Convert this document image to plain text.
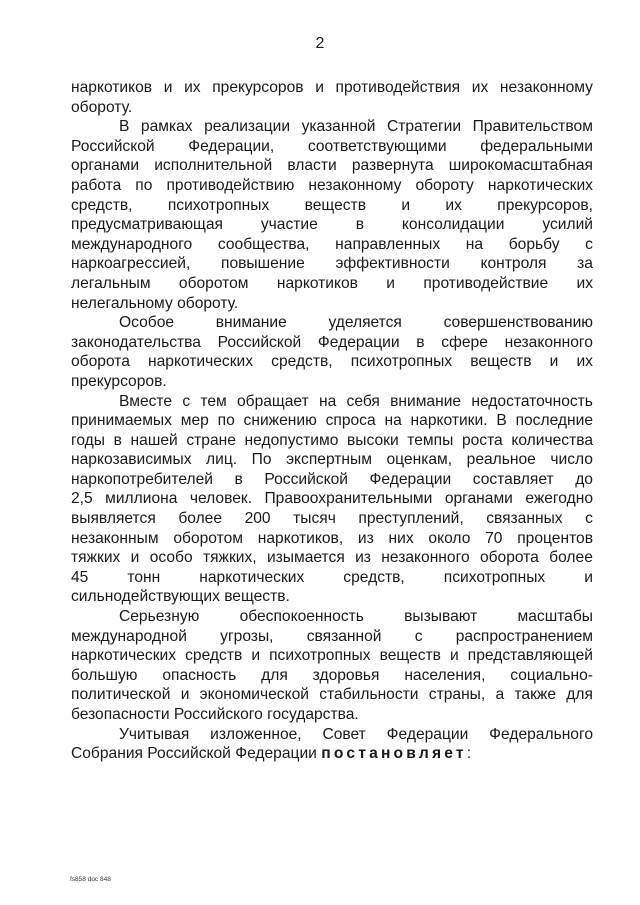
2
наркотиков и их прекурсоров и противодействия их незаконному
обороту.
В рамках реализации указанной Стратегии Правительством
Российской Федерации, соответствующими федеральными
органами исполнительной власти развернута широкомасштабная
работа по противодействию незаконному обороту наркотических
средств, психотропных веществ и их прекурсоров,
предусматривающая участие в консолидации усилий
международного сообщества, направленных на борьбу с
наркоагрессией, повышение эффективности контроля за
легальным оборотом наркотиков и противодействие их
нелегальному обороту.
Особое	внимание	уделяется	совершенствованию
законодательства Российской Федерации в сфере незаконного
оборота наркотических средств, психотропных веществ и их
прекурсоров.
Вместе с тем обращает на себя внимание недостаточность
принимаемых мер по снижению спроса на наркотики. В последние
годы в нашей стране недопустимо высоки темпы роста количества
наркозависимых лиц. По экспертным оценкам, реальное число
наркопотребителей в Российской Федерации составляет до
2,5 миллиона человек. Правоохранительными органами ежегодно
выявляется более 200 тысяч преступлений, связанных с
незаконным оборотом наркотиков, из них около 70 процентов
тяжких и особо тяжких, изымается из незаконного оборота более
45	тонн	наркотических	средств,	психотропных	и
сильнодействующих веществ.
Серьезную	обеспокоенность	вызывают	масштабы
международной угрозы, связанной с распространением
наркотических средств и психотропных веществ и представляющей
большую опасность для здоровья населения, социально-
политической и экономической стабильности страны, а также для
безопасности Российского государства.
Учитывая изложенное, Совет Федерации Федерального
Собрания Российской Федерации постановляет:
fs858 doc 848
